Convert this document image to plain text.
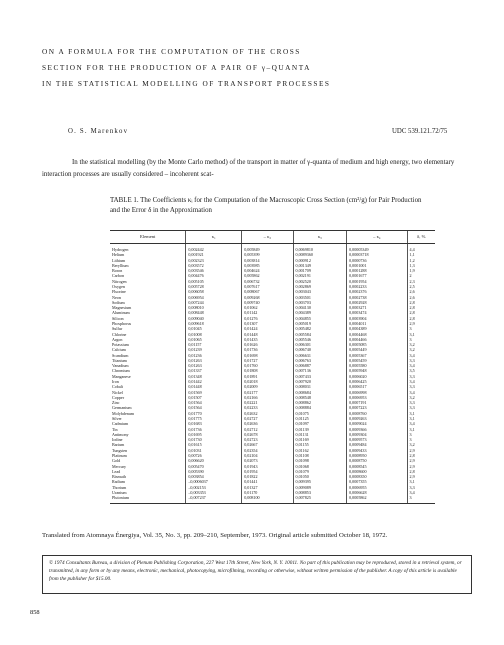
ON A FORMULA FOR THE COMPUTATION OF THE CROSS
SECTION FOR THE PRODUCTION OF A PAIR OF γ–QUANTA
IN THE STATISTICAL MODELLING OF TRANSPORT PROCESSES
O. S. Marenkov	UDC 539.121.72/75
In the statistical modelling (by the Monte Carlo method) of the transport in matter of γ-quanta of medium and high energy, two elementary interaction processes are usually considered – incoherent scat-
TABLE 1. The Coefficients κᵢ for the Computation of the Macroscopic Cross Section (cm²/g) for Pair Production and the Error δ in the Approximation
Element	κ₁	– κ₂	κ₃	– κ₄	δ, %
Hydrogen	0,002442	0,005849	0,0069810	0,00005349	4,4
Helium	0,001921	0,005399	0,0089360	0,00003718	1,1
Lithium	0,002323	0,003814	0,000912	0,0000736	1,2
Beryllium	0,003572	0,003985	0,001349	0,0001001	1,3
Boron	0,003546	0,004624	0,001709	0,0001288	1,9
Carbon	0,004476	0,005862	0,002191	0,0001677	2
Nitrogen	0,005105	0,006732	0,002520	0,0001954	2,3
Oxygen	0,005728	0,007617	0,002869	0,0002233	2,5
Fluorine	0,006058	0,008067	0,003043	0,0002376	2,6
Neon	0,006954	0,009268	0,003501	0,0002738	2,6
Sodium	0,007244	0,009740	0,003703	0,0002928	2,8
Magnesium	0,008010	0,01062	0,004130	0,0003271	2,8
Aluminum	0,008448	0,01142	0,004389	0,0003474	2,8
Silicon	0,009040	0,01276	0,004855	0,0003904	2,8
Phosphorus	0,009618	0,01307	0,005019	0,0004011	2,9
Sulfur	0,01045	0,01424	0,005482	0,0004389	3
Chlorine	0,01008	0,01448	0,005584	0,0004468	3,1
Argon	0,01065	0,01435	0,005546	0,0004466	3
Potassium	0,01157	0,01626	0,006301	0,0005085	3,2
Calcium	0,01239	0,01736	0,006740	0,0005449	3,2
Scandium	0,01236	0,01698	0,006631	0,0005367	3,4
Titanium	0,01263	0,01727	0,006763	0,0005459	3,3
Vanadium	0,01263	0,01760	0,006887	0,0005580	3,4
Chromium	0,01337	0,01808	0,007136	0,0005948	3,5
Manganese	0,01348	0,01891	0,007433	0,0006020	3,3
Iron	0,01442	0,02018	0,007920	0,0006425	3,4
Cobalt	0,01448	0,02009	0,008031	0,0006517	3,3
Nickel	0,01569	0,02177	0,008684	0,0006998	3,4
Copper	0,01507	0,02166	0,008548	0,0006953	3,2
Zinc	0,01564	0,02221	0,008862	0,0007191	3,3
Germanium	0,01564	0,02233	0,008884	0,0007223	3,3
Molybdenum	0,01770	0,02632	0,01075	0,0008760	3,1
Silver	0,01775	0,02727	0,01125	0,0009263	3,1
Cadmium	0,01683	0,02636	0,01097	0,0009024	3,4
Tin	0,01736	0,02712	0,01139	0,0009366	3,1
Antimony	0,01695	0,02678	0,01131	0,0009304	3
Iodine	0,01730	0,02723	0,01169	0,0009573	3
Barium	0,01615	0,02667	0,01155	0,0009484	3,2
Tungsten	0,01031	0,02354	0,01162	0,0009433	2,9
Platinum	0,00726	0,02104	0,01108	0,0008950	2,8
Gold	0,006620	0,02073	0,01098	0,0008750	2,9
Mercury	0,005470	0,01943	0,01068	0,0008545	2,9
Lead	0,005390	0,01954	0,01079	0,0008600	2,8
Bismuth	0,003854	0,01822	0,01050	0,0008350	2,9
Radium	–0,0006037	0,01441	0,009395	0,0007355	3,1
Thorium	–0,002153	0,01327	0,009089	0,0006955	3,3
Uranium	–0,003353	0,01170	0,008853	0,0006628	3,4
Plutonium	–0,007237	0,008100	0,007825	0,0005862	3
Translated from Atomnaya Énergiya, Vol. 35, No. 3, pp. 209–210, September, 1973. Original article submitted October 18, 1972.
© 1974 Consultants Bureau, a division of Plenum Publishing Corporation, 227 West 17th Street, New York, N. Y. 10011. No part of this publication may be reproduced, stored in a retrieval system, or transmitted, in any form or by any means, electronic, mechanical, photocopying, microfilming, recording or otherwise, without written permission of the publisher. A copy of this article is available from the publisher for $15.00.
858
